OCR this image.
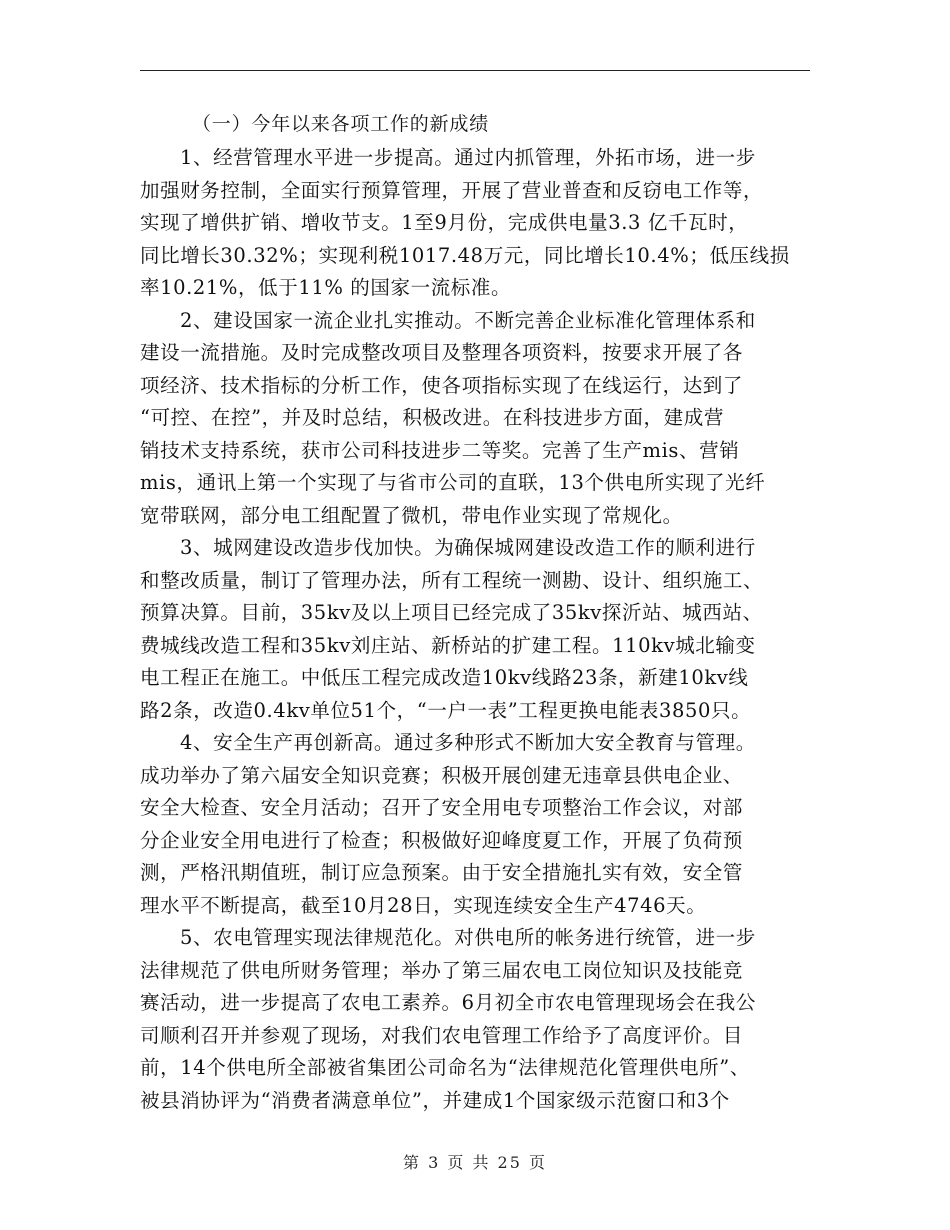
（一）今年以来各项工作的新成绩

1、经营管理水平进一步提高。通过内抓管理，外拓市场，进一步
加强财务控制，全面实行预算管理，开展了营业普查和反窃电工作等，
实现了增供扩销、增收节支。1至9月份，完成供电量3.3 亿千瓦时，
同比增长30.32%；实现利税1017.48万元，同比增长10.4%；低压线损
率10.21%，低于11% 的国家一流标准。
2、建设国家一流企业扎实推动。不断完善企业标准化管理体系和
建设一流措施。及时完成整改项目及整理各项资料，按要求开展了各
项经济、技术指标的分析工作，使各项指标实现了在线运行，达到了
“可控、在控”，并及时总结，积极改进。在科技进步方面，建成营
销技术支持系统，获市公司科技进步二等奖。完善了生产mis、营销
mis，通讯上第一个实现了与省市公司的直联，13个供电所实现了光纤
宽带联网，部分电工组配置了微机，带电作业实现了常规化。
3、城网建设改造步伐加快。为确保城网建设改造工作的顺利进行
和整改质量，制订了管理办法，所有工程统一测勘、设计、组织施工、
预算决算。目前，35kv及以上项目已经完成了35kv探沂站、城西站、
费城线改造工程和35kv刘庄站、新桥站的扩建工程。110kv城北输变
电工程正在施工。中低压工程完成改造10kv线路23条，新建10kv线
路2条，改造0.4kv单位51个，“一户一表”工程更换电能表3850只。
4、安全生产再创新高。通过多种形式不断加大安全教育与管理。
成功举办了第六届安全知识竞赛；积极开展创建无违章县供电企业、
安全大检查、安全月活动；召开了安全用电专项整治工作会议，对部
分企业安全用电进行了检查；积极做好迎峰度夏工作，开展了负荷预
测，严格汛期值班，制订应急预案。由于安全措施扎实有效，安全管
理水平不断提高，截至10月28日，实现连续安全生产4746天。
5、农电管理实现法律规范化。对供电所的帐务进行统管，进一步
法律规范了供电所财务管理；举办了第三届农电工岗位知识及技能竞
赛活动，进一步提高了农电工素养。6月初全市农电管理现场会在我公
司顺利召开并参观了现场，对我们农电管理工作给予了高度评价。目
前，14个供电所全部被省集团公司命名为“法律规范化管理供电所”、
被县消协评为“消费者满意单位”，并建成1个国家级示范窗口和3个
第 3 页 共 25 页
